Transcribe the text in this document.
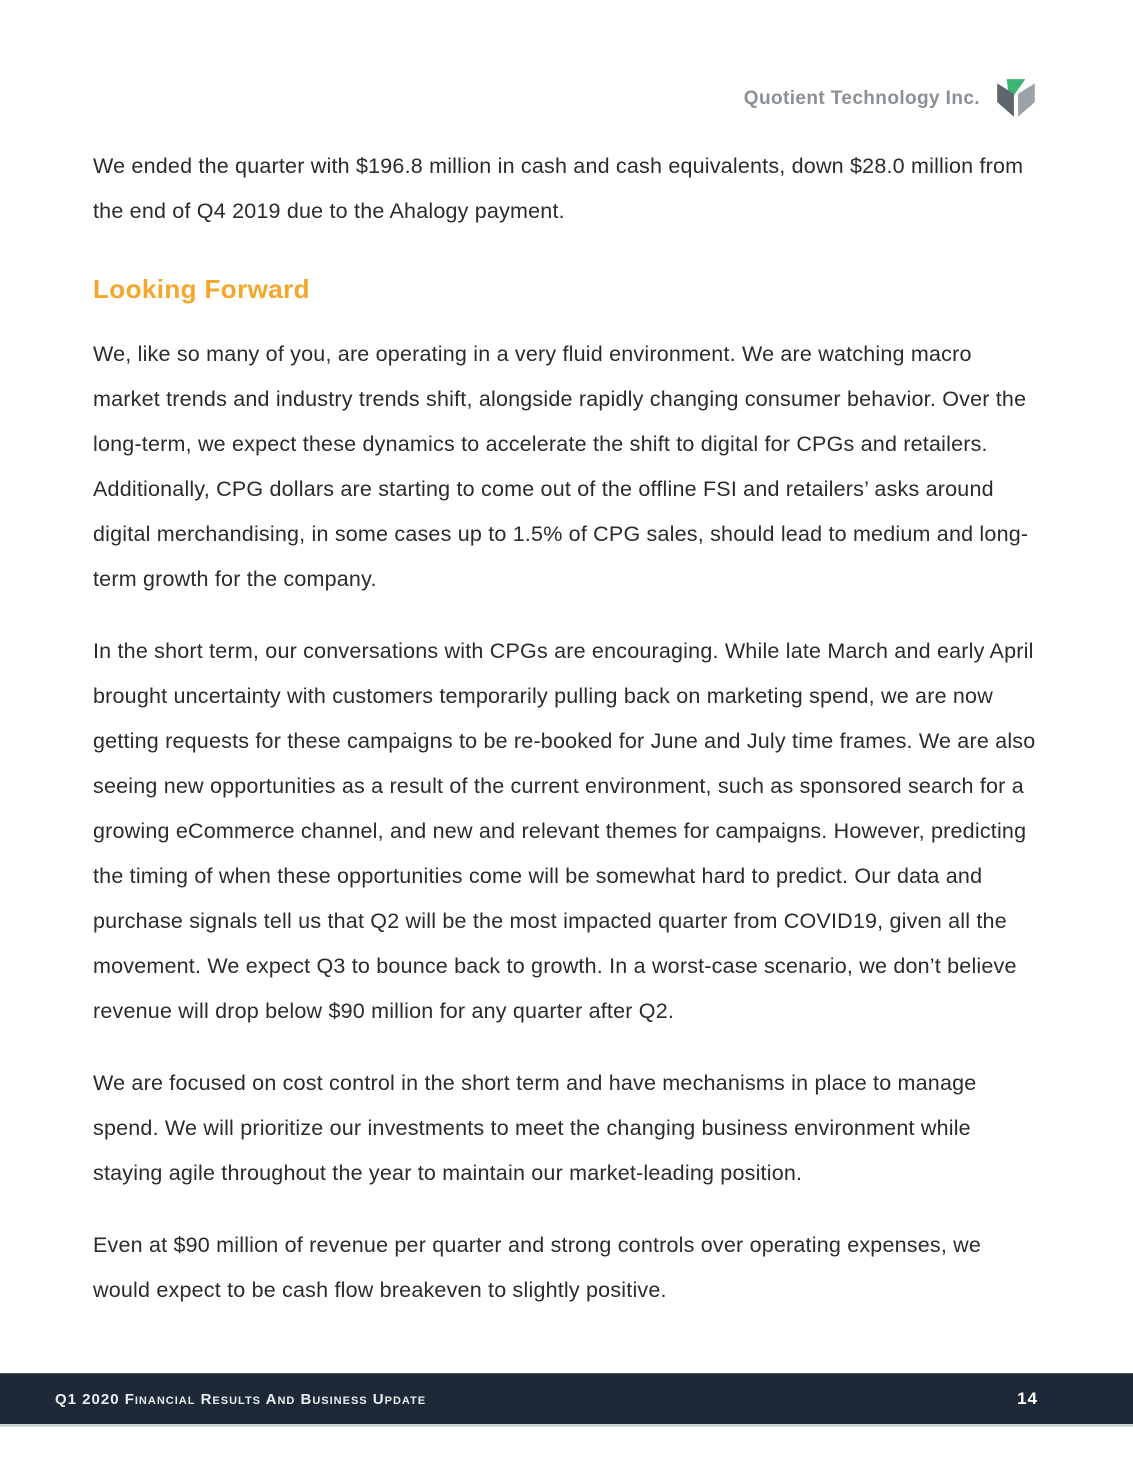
Quotient Technology Inc.

We ended the quarter with $196.8 million in cash and cash equivalents, down $28.0 million from the end of Q4 2019 due to the Ahalogy payment.

Looking Forward

We, like so many of you, are operating in a very fluid environment. We are watching macro market trends and industry trends shift, alongside rapidly changing consumer behavior. Over the long-term, we expect these dynamics to accelerate the shift to digital for CPGs and retailers. Additionally, CPG dollars are starting to come out of the offline FSI and retailers’ asks around digital merchandising, in some cases up to 1.5% of CPG sales, should lead to medium and long-term growth for the company.

In the short term, our conversations with CPGs are encouraging. While late March and early April brought uncertainty with customers temporarily pulling back on marketing spend, we are now getting requests for these campaigns to be re-booked for June and July time frames. We are also seeing new opportunities as a result of the current environment, such as sponsored search for a growing eCommerce channel, and new and relevant themes for campaigns. However, predicting the timing of when these opportunities come will be somewhat hard to predict. Our data and purchase signals tell us that Q2 will be the most impacted quarter from COVID19, given all the movement. We expect Q3 to bounce back to growth. In a worst-case scenario, we don’t believe revenue will drop below $90 million for any quarter after Q2.

We are focused on cost control in the short term and have mechanisms in place to manage spend. We will prioritize our investments to meet the changing business environment while staying agile throughout the year to maintain our market-leading position.

Even at $90 million of revenue per quarter and strong controls over operating expenses, we would expect to be cash flow breakeven to slightly positive.

Q1 2020 Financial Results And Business Update	14
